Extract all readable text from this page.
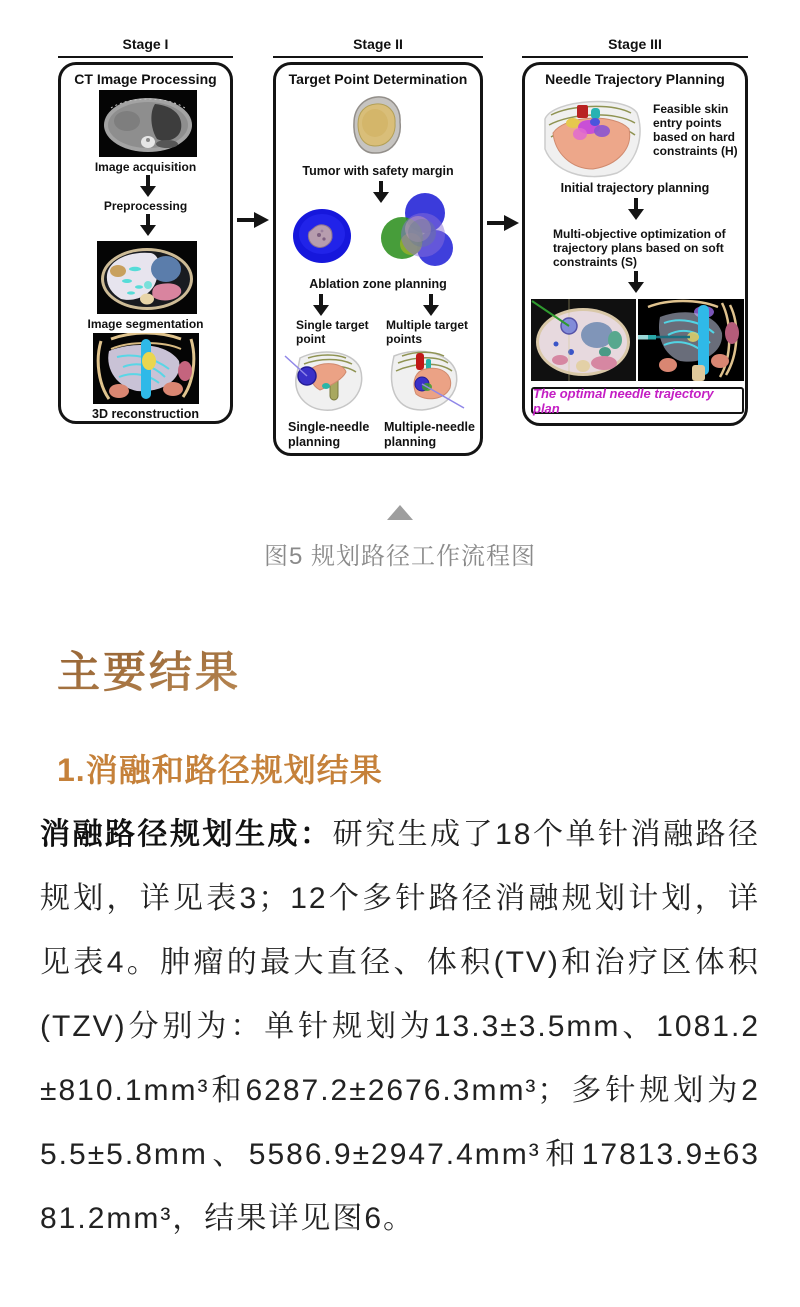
Stage I	Stage II	Stage III
CT Image Processing
Image acquisition
Preprocessing
Image segmentation
3D reconstruction
Target Point Determination
Tumor with safety margin
Ablation zone planning
Single target point
Multiple target points
Single-needle planning
Multiple-needle planning
Needle Trajectory Planning
Feasible skin entry points based on hard constraints (H)
Initial trajectory planning
Multi-objective optimization of trajectory plans based on soft constraints (S)
The optimal needle trajectory plan
图5 规划路径工作流程图
主要结果
1.消融和路径规划结果

消融路径规划生成：研究生成了18个单针消融路径规划，详见表3；12个多针路径消融规划计划，详见表4。肿瘤的最大直径、体积(TV)和治疗区体积(TZV)分别为：单针规划为13.3±3.5mm、1081.2±810.1mm³和6287.2±2676.3mm³；多针规划为25.5±5.8mm、5586.9±2947.4mm³和17813.9±6381.2mm³，结果详见图6。
